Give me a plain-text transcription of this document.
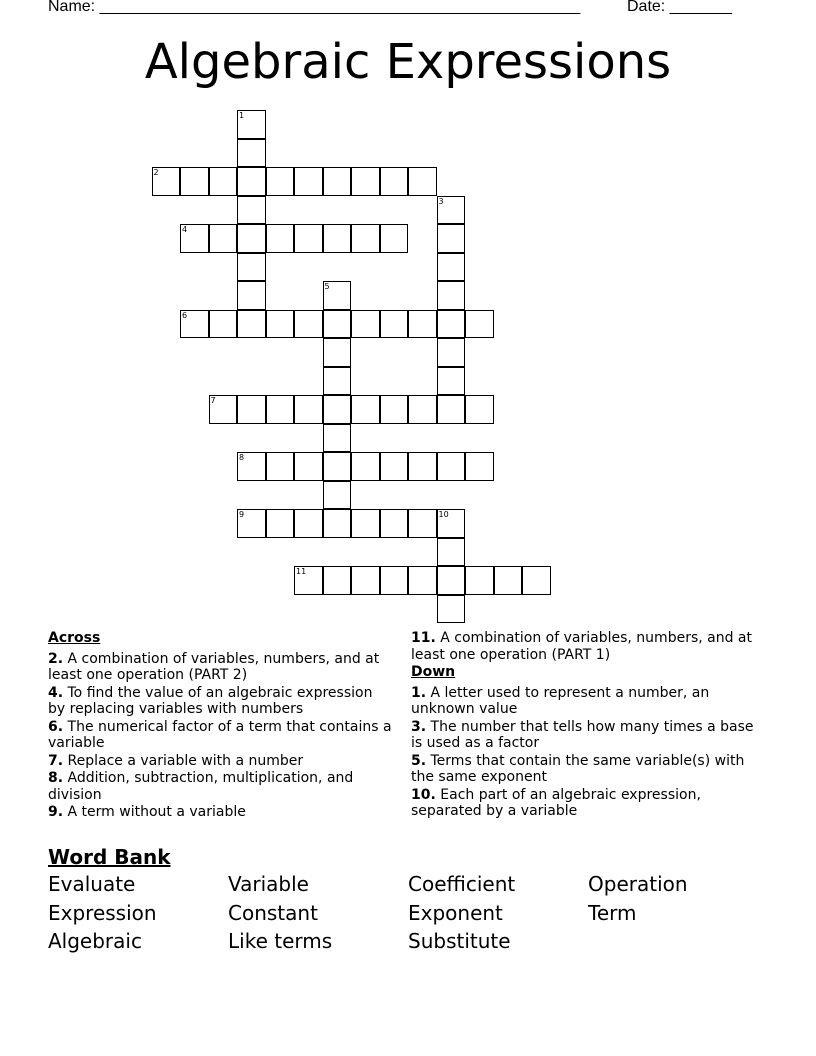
Name: ______________________________________________________	Date: _______
Algebraic Expressions
1
2
3
4
5
6
7
8
9	10
11
Across
2. A combination of variables, numbers, and at least one operation (PART 2)
4. To find the value of an algebraic expression by replacing variables with numbers
6. The numerical factor of a term that contains a variable
7. Replace a variable with a number
8. Addition, subtraction, multiplication, and division
9. A term without a variable
11. A combination of variables, numbers, and at least one operation (PART 1)
Down
1. A letter used to represent a number, an unknown value
3. The number that tells how many times a base is used as a factor
5. Terms that contain the same variable(s) with the same exponent
10. Each part of an algebraic expression, separated by a variable
Word Bank
Evaluate	Variable	Coefficient	Operation
Expression	Constant	Exponent	Term
Algebraic	Like terms	Substitute
